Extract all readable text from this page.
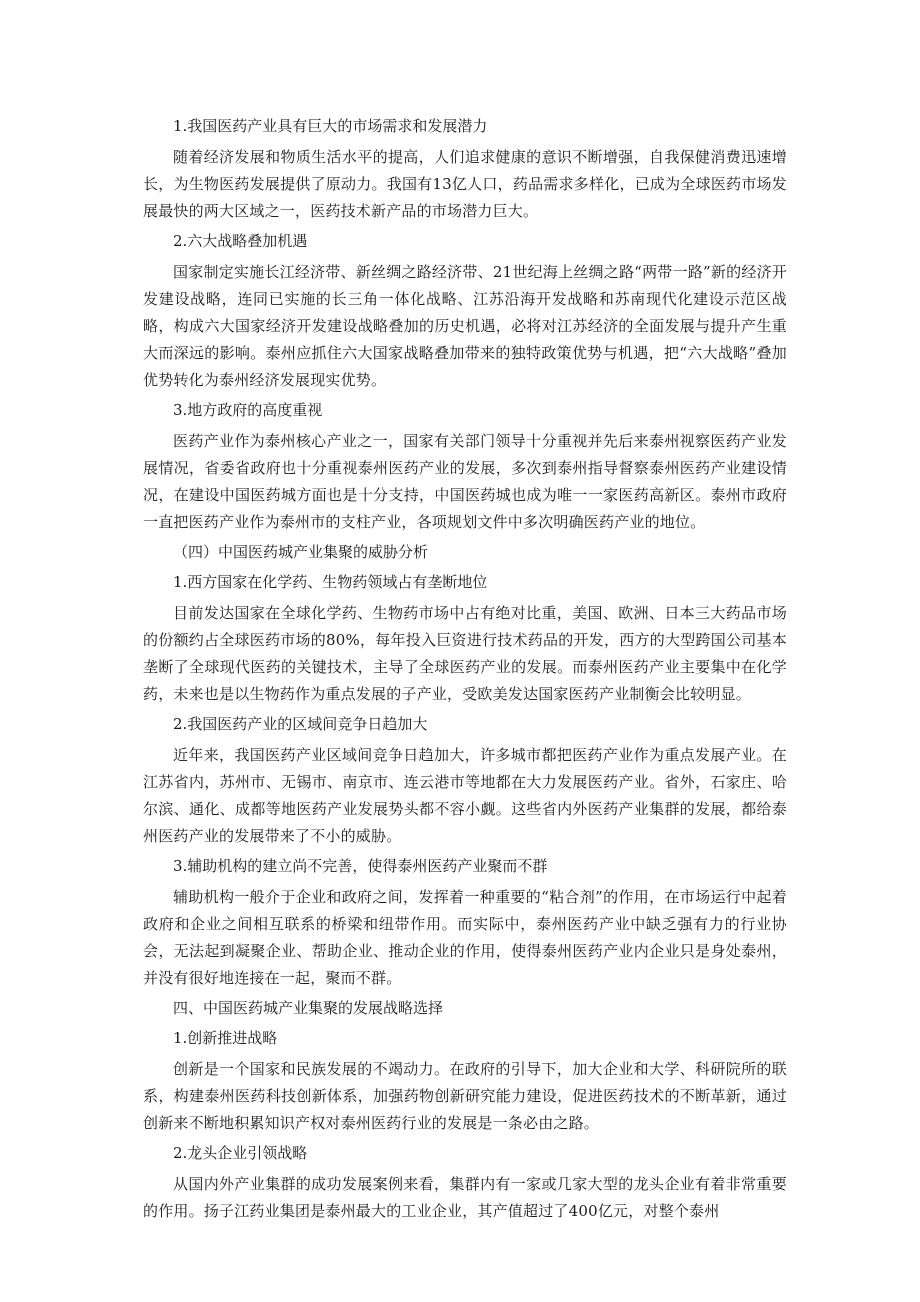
1.我国医药产业具有巨大的市场需求和发展潜力
随着经济发展和物质生活水平的提高，人们追求健康的意识不断增强，自我保健消费迅速增长，为生物医药发展提供了原动力。我国有13亿人口，药品需求多样化，已成为全球医药市场发展最快的两大区域之一，医药技术新产品的市场潜力巨大。
2.六大战略叠加机遇
国家制定实施长江经济带、新丝绸之路经济带、21世纪海上丝绸之路“两带一路”新的经济开发建设战略，连同已实施的长三角一体化战略、江苏沿海开发战略和苏南现代化建设示范区战略，构成六大国家经济开发建设战略叠加的历史机遇，必将对江苏经济的全面发展与提升产生重大而深远的影响。泰州应抓住六大国家战略叠加带来的独特政策优势与机遇，把“六大战略”叠加优势转化为泰州经济发展现实优势。
3.地方政府的高度重视
医药产业作为泰州核心产业之一，国家有关部门领导十分重视并先后来泰州视察医药产业发展情况，省委省政府也十分重视泰州医药产业的发展，多次到泰州指导督察泰州医药产业建设情况，在建设中国医药城方面也是十分支持，中国医药城也成为唯一一家医药高新区。泰州市政府一直把医药产业作为泰州市的支柱产业，各项规划文件中多次明确医药产业的地位。
（四）中国医药城产业集聚的威胁分析
1.西方国家在化学药、生物药领域占有垄断地位
目前发达国家在全球化学药、生物药市场中占有绝对比重，美国、欧洲、日本三大药品市场的份额约占全球医药市场的80%，每年投入巨资进行技术药品的开发，西方的大型跨国公司基本垄断了全球现代医药的关键技术，主导了全球医药产业的发展。而泰州医药产业主要集中在化学药，未来也是以生物药作为重点发展的子产业，受欧美发达国家医药产业制衡会比较明显。
2.我国医药产业的区域间竞争日趋加大
近年来，我国医药产业区域间竞争日趋加大，许多城市都把医药产业作为重点发展产业。在江苏省内，苏州市、无锡市、南京市、连云港市等地都在大力发展医药产业。省外，石家庄、哈尔滨、通化、成都等地医药产业发展势头都不容小觑。这些省内外医药产业集群的发展，都给泰州医药产业的发展带来了不小的威胁。
3.辅助机构的建立尚不完善，使得泰州医药产业聚而不群
辅助机构一般介于企业和政府之间，发挥着一种重要的“粘合剂”的作用，在市场运行中起着政府和企业之间相互联系的桥梁和纽带作用。而实际中，泰州医药产业中缺乏强有力的行业协会，无法起到凝聚企业、帮助企业、推动企业的作用，使得泰州医药产业内企业只是身处泰州，并没有很好地连接在一起，聚而不群。
四、中国医药城产业集聚的发展战略选择
1.创新推进战略
创新是一个国家和民族发展的不竭动力。在政府的引导下，加大企业和大学、科研院所的联系，构建泰州医药科技创新体系，加强药物创新研究能力建设，促进医药技术的不断革新，通过创新来不断地积累知识产权对泰州医药行业的发展是一条必由之路。
2.龙头企业引领战略
从国内外产业集群的成功发展案例来看，集群内有一家或几家大型的龙头企业有着非常重要的作用。扬子江药业集团是泰州最大的工业企业，其产值超过了400亿元，对整个泰州
